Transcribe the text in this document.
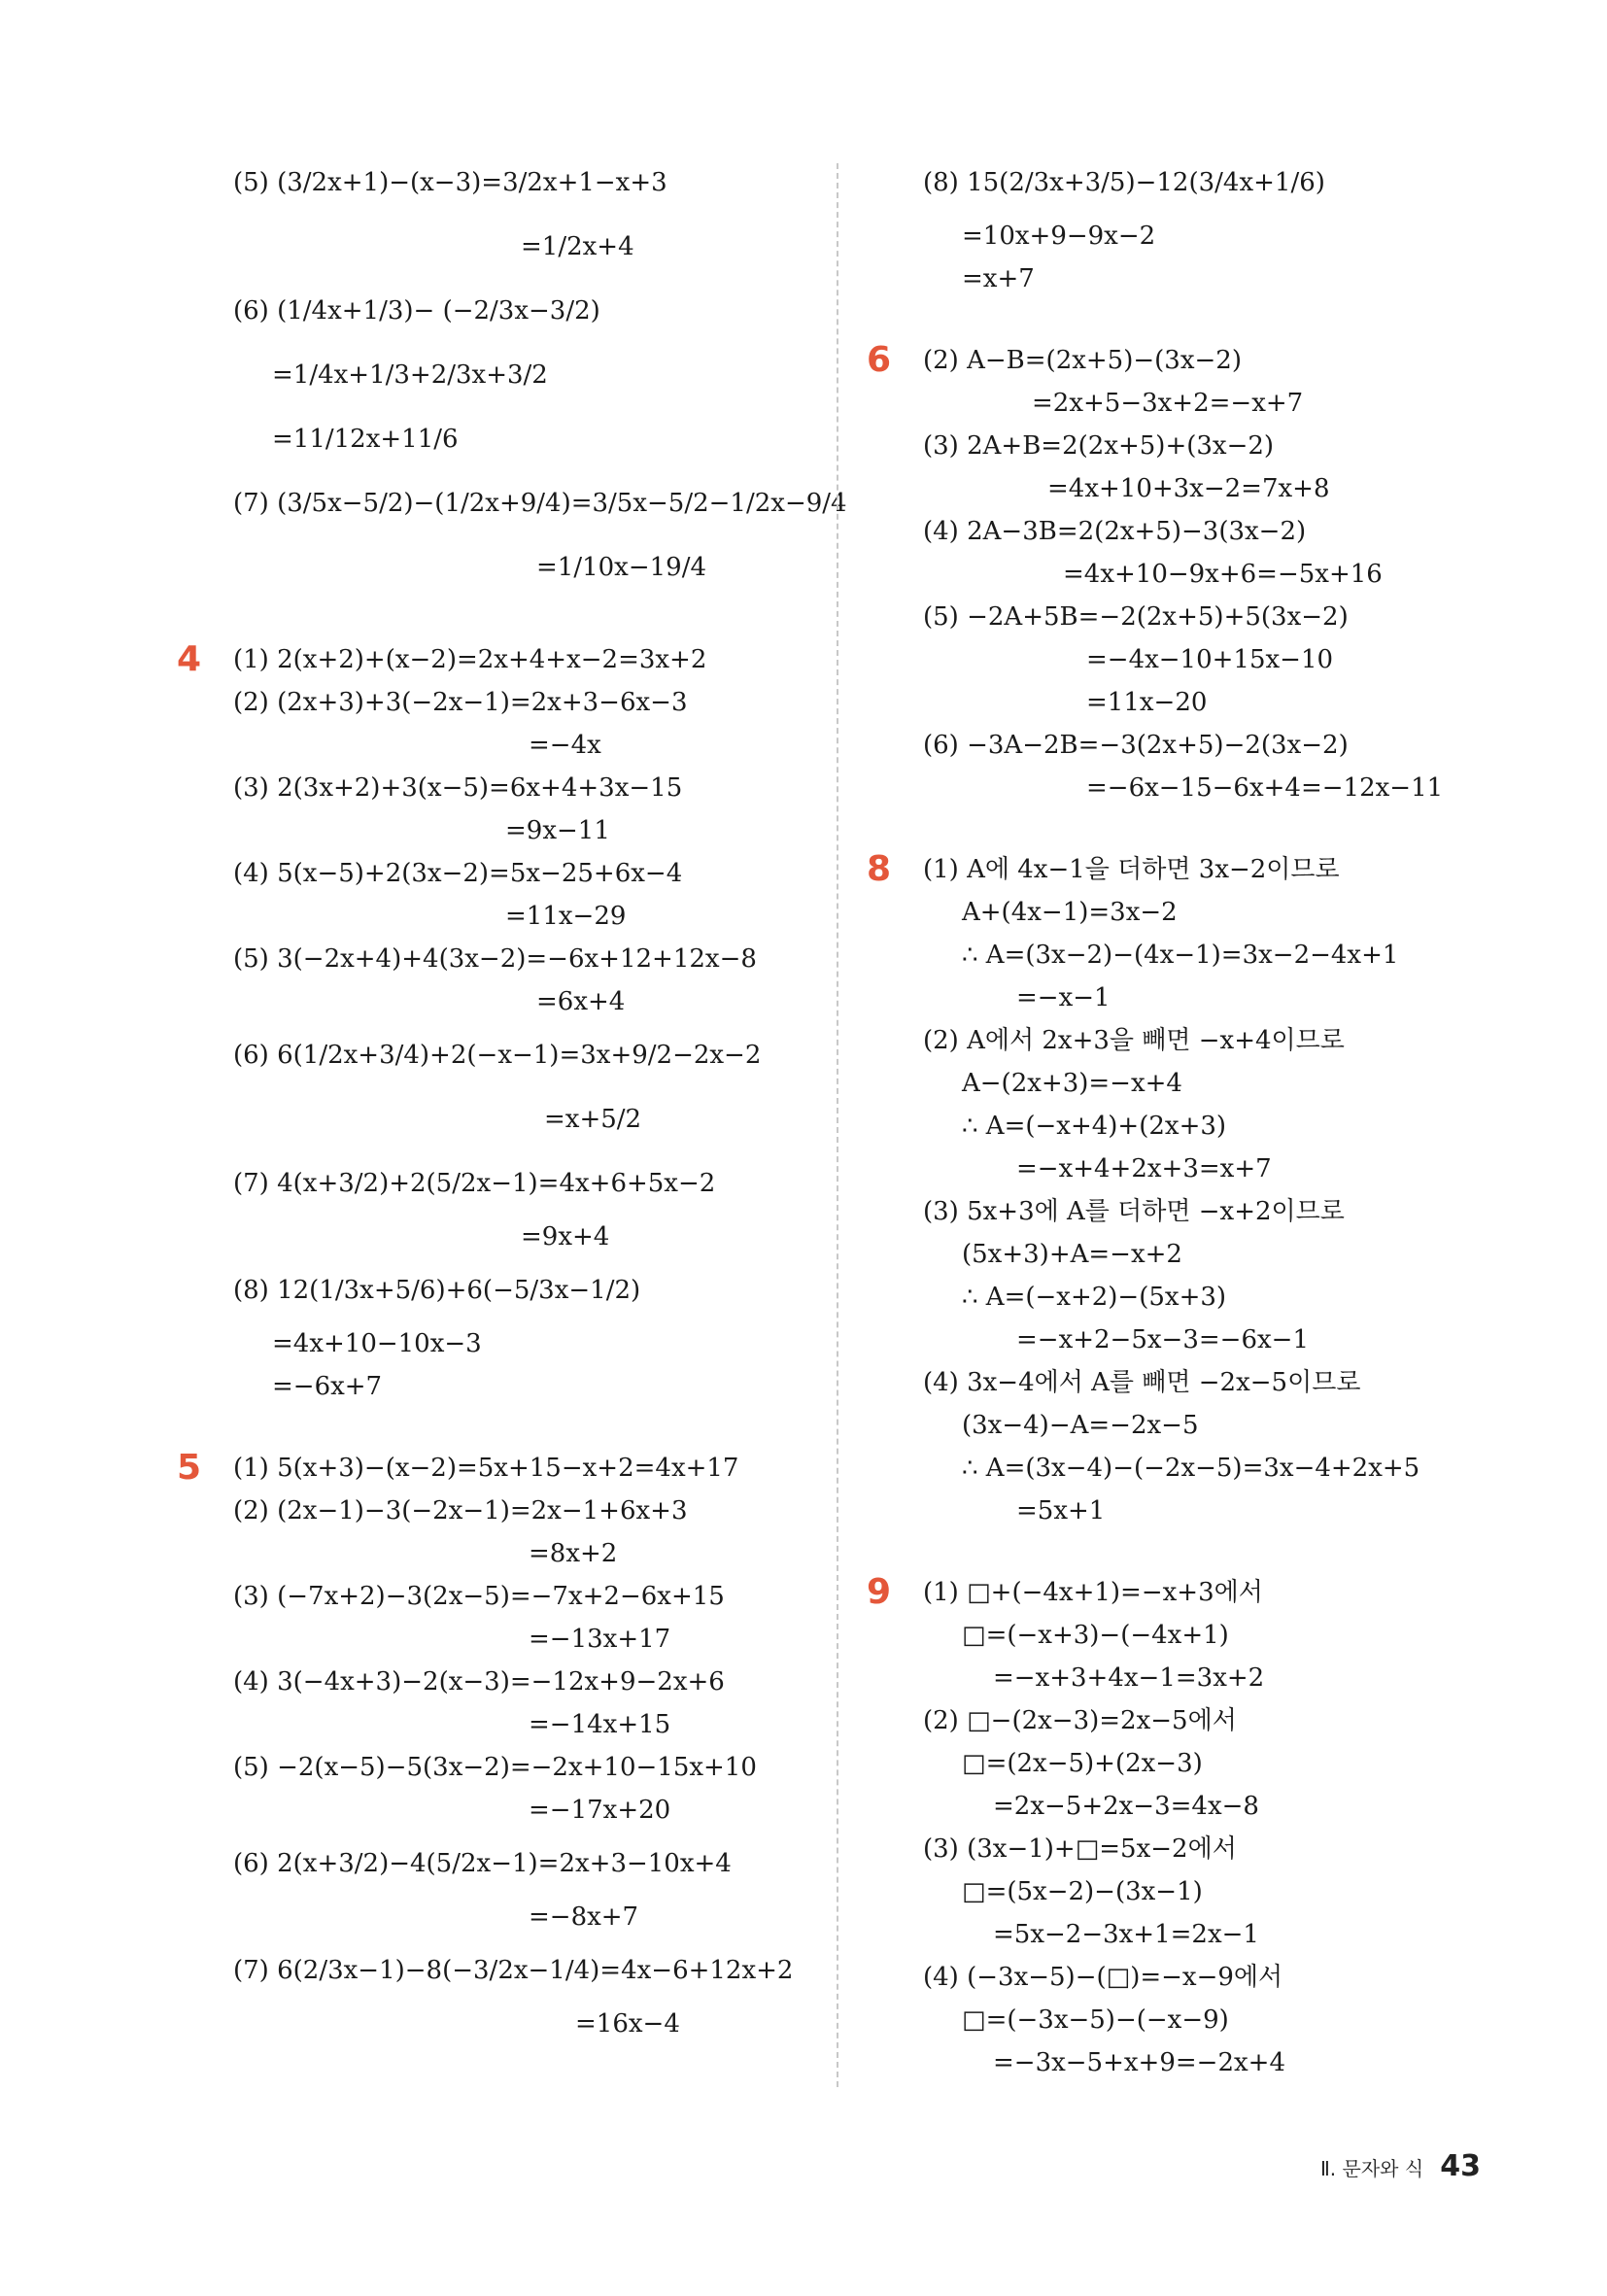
(5) (3/2x+1)−(x−3)=3/2x+1−x+3
=1/2x+4
(6) (1/4x+1/3)− (−2/3x−3/2)
=1/4x+1/3+2/3x+3/2
=11/12x+11/6
(7) (3/5x−5/2)−(1/2x+9/4)=3/5x−5/2−1/2x−9/4
=1/10x−19/4
4 (1) 2(x+2)+(x−2)=2x+4+x−2=3x+2
(2) (2x+3)+3(−2x−1)=2x+3−6x−3
=−4x
(3) 2(3x+2)+3(x−5)=6x+4+3x−15
=9x−11
(4) 5(x−5)+2(3x−2)=5x−25+6x−4
=11x−29
(5) 3(−2x+4)+4(3x−2)=−6x+12+12x−8
=6x+4
(6) 6(1/2x+3/4)+2(−x−1)=3x+9/2−2x−2
=x+5/2
(7) 4(x+3/2)+2(5/2x−1)=4x+6+5x−2
=9x+4
(8) 12(1/3x+5/6)+6(−5/3x−1/2)
=4x+10−10x−3
=−6x+7
5 (1) 5(x+3)−(x−2)=5x+15−x+2=4x+17
(2) (2x−1)−3(−2x−1)=2x−1+6x+3
=8x+2
(3) (−7x+2)−3(2x−5)=−7x+2−6x+15
=−13x+17
(4) 3(−4x+3)−2(x−3)=−12x+9−2x+6
=−14x+15
(5) −2(x−5)−5(3x−2)=−2x+10−15x+10
=−17x+20
(6) 2(x+3/2)−4(5/2x−1)=2x+3−10x+4
=−8x+7
(7) 6(2/3x−1)−8(−3/2x−1/4)=4x−6+12x+2
=16x−4
(8) 15(2/3x+3/5)−12(3/4x+1/6)
=10x+9−9x−2
=x+7
6 (2) A−B=(2x+5)−(3x−2)
=2x+5−3x+2=−x+7
(3) 2A+B=2(2x+5)+(3x−2)
=4x+10+3x−2=7x+8
(4) 2A−3B=2(2x+5)−3(3x−2)
=4x+10−9x+6=−5x+16
(5) −2A+5B=−2(2x+5)+5(3x−2)
=−4x−10+15x−10
=11x−20
(6) −3A−2B=−3(2x+5)−2(3x−2)
=−6x−15−6x+4=−12x−11
8 (1) A에 4x−1을 더하면 3x−2이므로
A+(4x−1)=3x−2
∴ A=(3x−2)−(4x−1)=3x−2−4x+1
=−x−1
(2) A에서 2x+3을 빼면 −x+4이므로
A−(2x+3)=−x+4
∴ A=(−x+4)+(2x+3)
=−x+4+2x+3=x+7
(3) 5x+3에 A를 더하면 −x+2이므로
(5x+3)+A=−x+2
∴ A=(−x+2)−(5x+3)
=−x+2−5x−3=−6x−1
(4) 3x−4에서 A를 빼면 −2x−5이므로
(3x−4)−A=−2x−5
∴ A=(3x−4)−(−2x−5)=3x−4+2x+5
=5x+1
9 (1) □+(−4x+1)=−x+3에서
□=(−x+3)−(−4x+1)
=−x+3+4x−1=3x+2
(2) □−(2x−3)=2x−5에서
□=(2x−5)+(2x−3)
=2x−5+2x−3=4x−8
(3) (3x−1)+□=5x−2에서
□=(5x−2)−(3x−1)
=5x−2−3x+1=2x−1
(4) (−3x−5)−(□)=−x−9에서
□=(−3x−5)−(−x−9)
=−3x−5+x+9=−2x+4
Ⅱ. 문자와 식 43
